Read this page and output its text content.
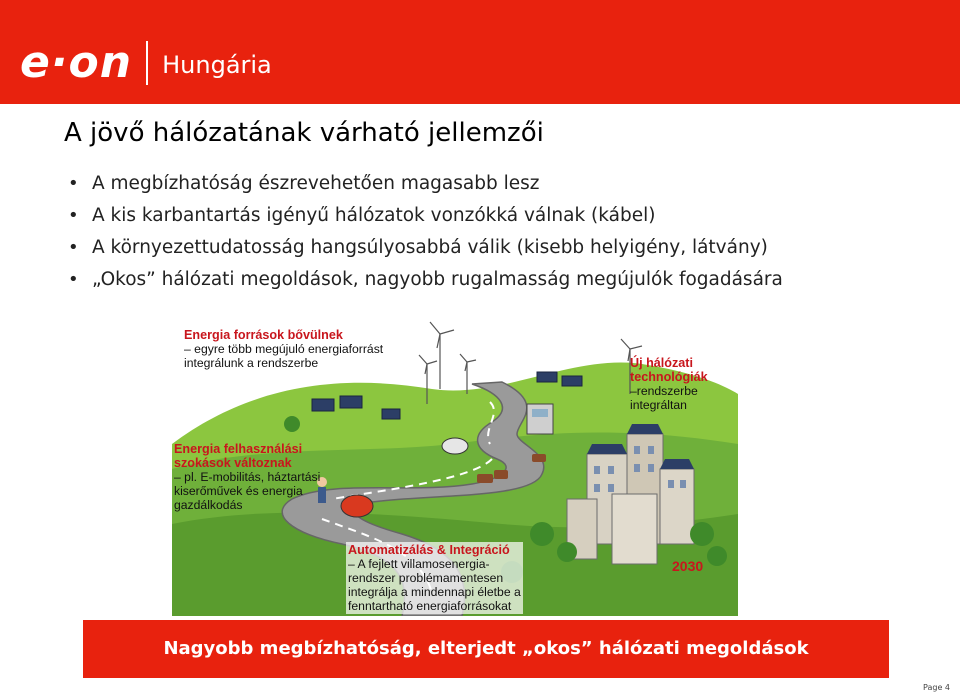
e·on Hungária
A jövő hálózatának várható jellemzői
• A megbízhatóság észrevehetően magasabb lesz
• A kis karbantartás igényű hálózatok vonzókká válnak (kábel)
• A környezettudatosság hangsúlyosabbá válik (kisebb helyigény, látvány)
• „Okos” hálózati megoldások, nagyobb rugalmasság megújulók fogadására
Energia források bővülnek
– egyre több megújuló energiaforrást
integrálunk a rendszerbe	Új hálózati
technológiák
–rendszerbe
integráltan
Energia felhasználási
szokások változnak
– pl. E-mobilitás, háztartási
kiserőművek és energia
gazdálkodás
Automatizálás & Integráció
– A fejlett villamosenergia-
rendszer problémamentesen
integrálja a mindennapi életbe a
fenntartható energiaforrásokat
2030
Nagyobb megbízhatóság, elterjedt „okos” hálózati megoldások
Page 4
